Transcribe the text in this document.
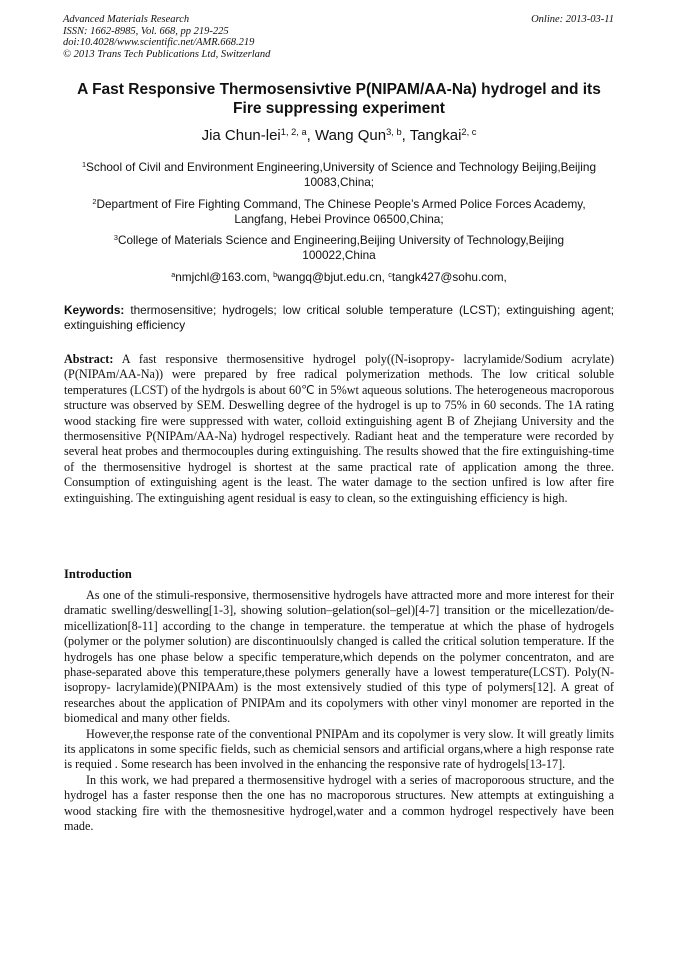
Advanced Materials Research
ISSN: 1662-8985, Vol. 668, pp 219-225
doi:10.4028/www.scientific.net/AMR.668.219
© 2013 Trans Tech Publications Ltd, Switzerland
Online: 2013-03-11
A Fast Responsive Thermosensivtive P(NIPAM/AA-Na) hydrogel and its
Fire suppressing experiment
Jia Chun-lei$^{1, 2, a}$, Wang Qun$^{3, b}$, Tangkai$^{2, c}$
$^1$School of Civil and Environment Engineering,University of Science and Technology Beijing,Beijing
10083,China;
$^2$Department of Fire Fighting Command, The Chinese People’s Armed Police Forces Academy,
Langfang, Hebei Province 06500,China;
$^3$College of Materials Science and Engineering,Beijing University of Technology,Beijing
100022,China
$^a$nmjchl@163.com, $^b$wangq@bjut.edu.cn, $^c$tangk427@sohu.com,
Keywords: thermosensitive; hydrogels; low critical soluble temperature (LCST); extinguishing agent; extinguishing efficiency
Abstract: A fast responsive thermosensitive hydrogel poly((N-isopropy- lacrylamide/Sodium acrylate) (P(NIPAm/AA-Na)) were prepared by free radical polymerization methods. The low critical soluble temperatures (LCST) of the hydrgols is about 60℃ in 5%wt aqueous solutions. The heterogeneous macroporous structure was observed by SEM. Deswelling degree of the hydrogel is up to 75% in 60 seconds. The 1A rating wood stacking fire were suppressed with water, colloid extinguishing agent B of Zhejiang University and the thermosensitive P(NIPAm/AA-Na) hydrogel respectively. Radiant heat and the temperature were recorded by several heat probes and thermocouples during extinguishing. The results showed that the fire extinguishing-time of the thermosensitive hydrogel is shortest at the same practical rate of application among the three. Consumption of extinguishing agent is the least. The water damage to the section unfired is low after fire extinguishing. The extinguishing agent residual is easy to clean, so the extinguishing efficiency is high.
Introduction

As one of the stimuli-responsive, thermosensitive hydrogels have attracted more and more interest for their dramatic swelling/deswelling[1-3], showing solution–gelation(sol–gel)[4-7] transition or the micellezation/de- micellization[8-11] according to the change in temperature. the temperatue at which the phase of hydrogels (polymer or the polymer solution) are discontinuoulsly changed is called the critical solution temperature. If the hydrogels has one phase below a specific temperature,which depends on the polymer concentraton, and are phase-separated above this temperature,these polymers generally have a lowest temperature(LCST). Poly(N-isopropy- lacrylamide)(PNIPAAm) is the most extensively studied of this type of polymers[12]. A great of researches about the application of PNIPAm and its copolymers with other vinyl monomer are reported in the biomedical and many other fields.

However,the response rate of the conventional PNIPAm and its copolymer is very slow. It will greatly limits its applicatons in some specific fields, such as chemicial sensors and artificial organs,where a high response rate is requied . Some research has been involved in the enhancing the responsive rate of hydrogels[13-17].

In this work, we had prepared a thermosensitive hydrogel with a series of macroporoous structure, and the hydrogel has a faster response then the one has no macroporous structures. New attempts at extinguishing a wood stacking fire with the themosnesitive hydrogel,water and a common hydrogel respectively have been made.
